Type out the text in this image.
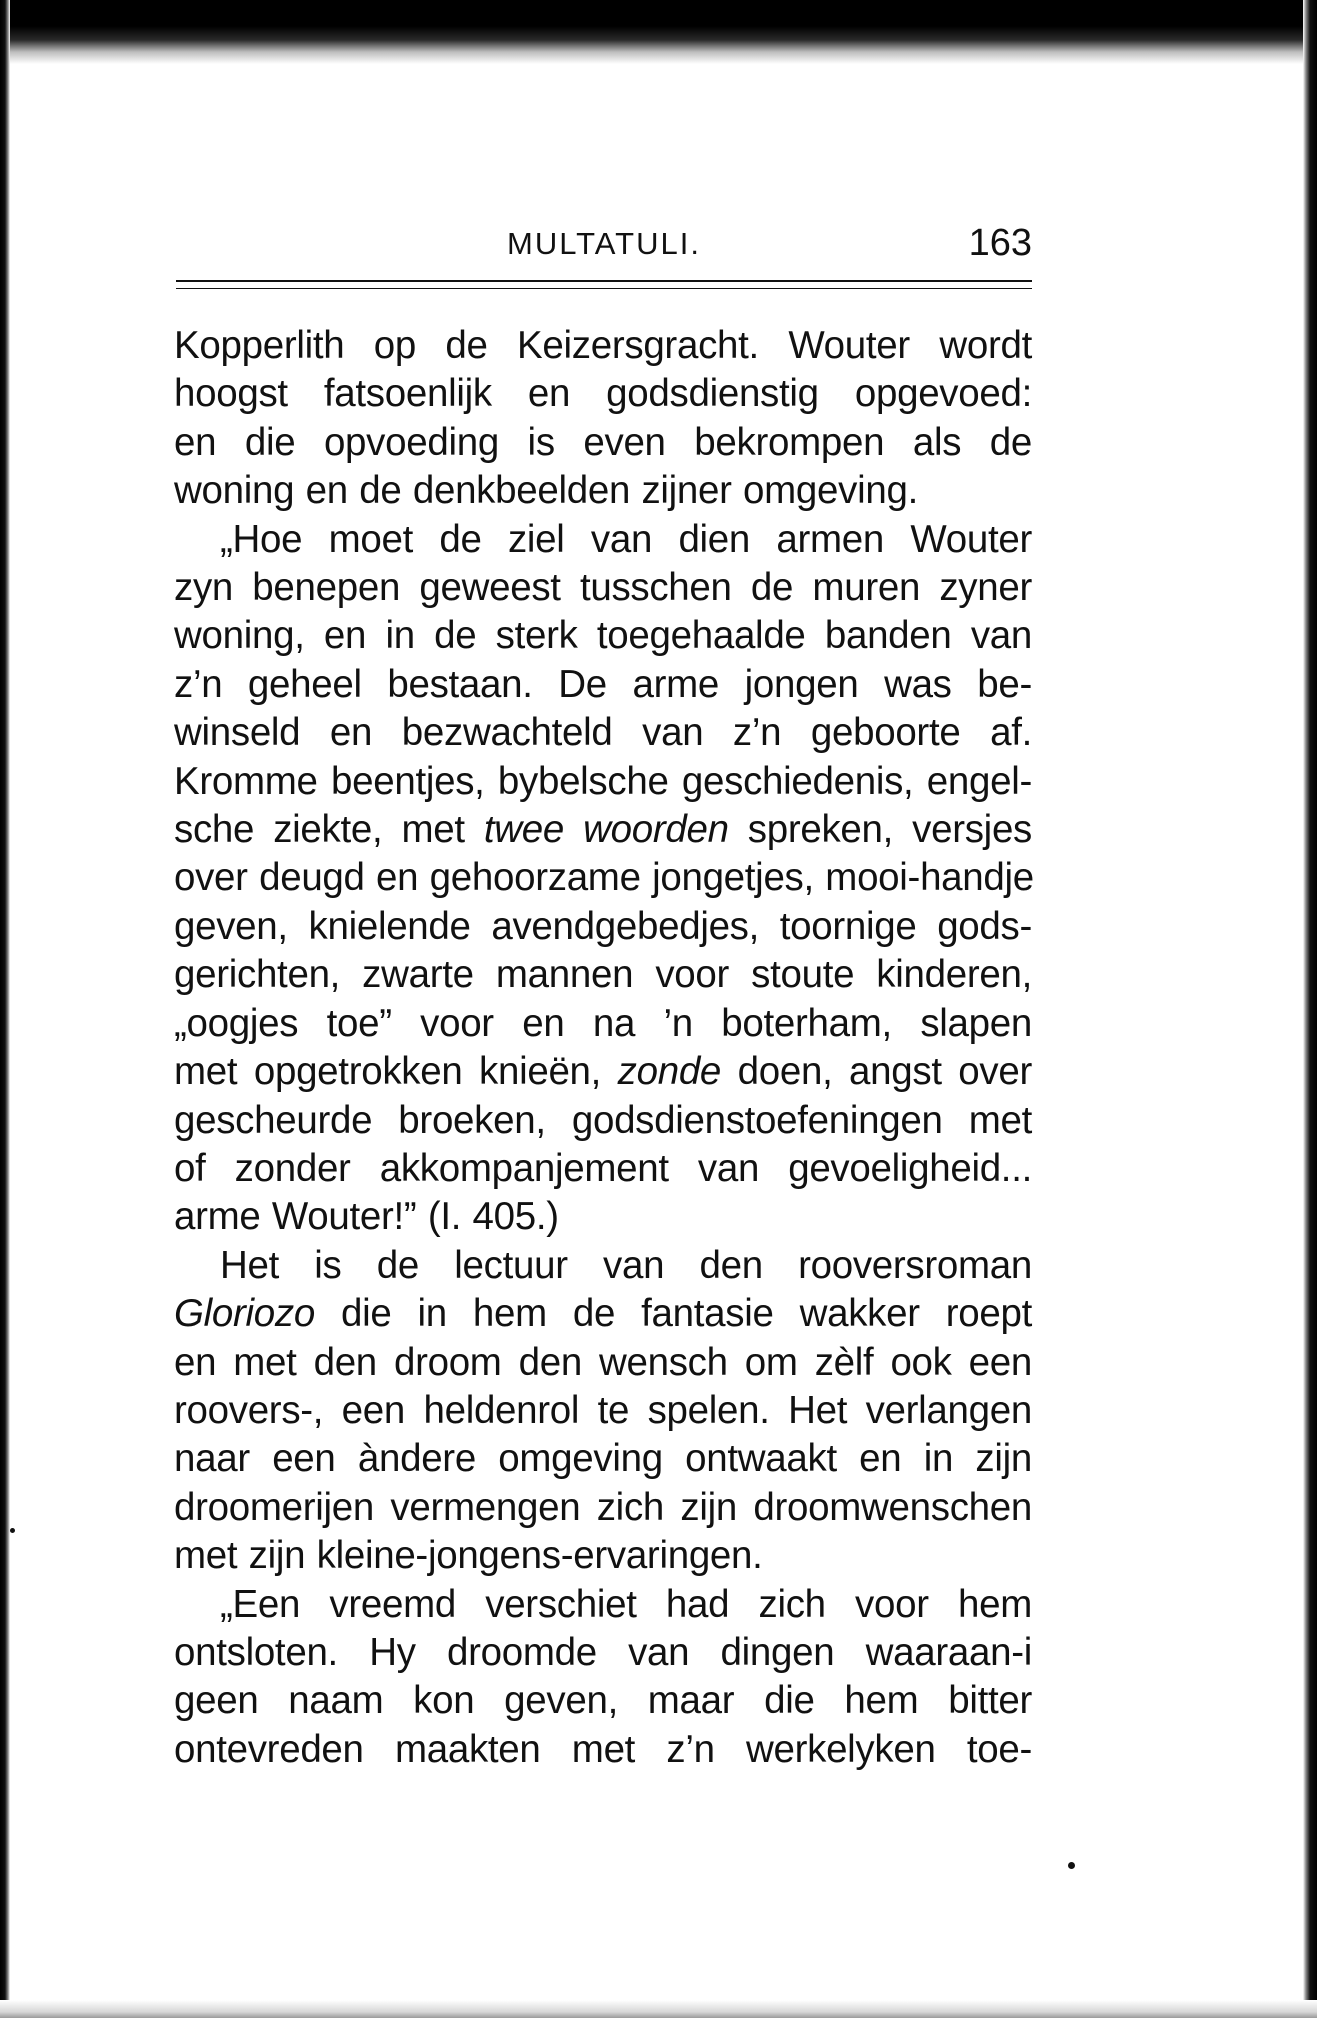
MULTATULI.	163

Kopperlith op de Keizersgracht. Wouter wordt
hoogst fatsoenlijk en godsdienstig opgevoed:
en die opvoeding is even bekrompen als de
woning en de denkbeelden zijner omgeving.

„Hoe moet de ziel van dien armen Wouter
zyn benepen geweest tusschen de muren zyner
woning, en in de sterk toegehaalde banden van
z’n geheel bestaan. De arme jongen was be-
winseld en bezwachteld van z’n geboorte af.
Kromme beentjes, bybelsche geschiedenis, engel-
sche ziekte, met twee woorden spreken, versjes
over deugd en gehoorzame jongetjes, mooi-handje
geven, knielende avendgebedjes, toornige gods-
gerichten, zwarte mannen voor stoute kinderen,
„oogjes toe” voor en na ’n boterham, slapen
met opgetrokken knieën, zonde doen, angst over
gescheurde broeken, godsdienstoefeningen met
of zonder akkompanjement van gevoeligheid...
arme Wouter!” (I. 405.)

Het is de lectuur van den rooversroman
Gloriozo die in hem de fantasie wakker roept
en met den droom den wensch om zèlf ook een
roovers-, een heldenrol te spelen. Het verlangen
naar een àndere omgeving ontwaakt en in zijn
droomerijen vermengen zich zijn droomwenschen
met zijn kleine-jongens-ervaringen.

„Een vreemd verschiet had zich voor hem
ontsloten. Hy droomde van dingen waaraan-i
geen naam kon geven, maar die hem bitter
ontevreden maakten met z’n werkelyken toe-
